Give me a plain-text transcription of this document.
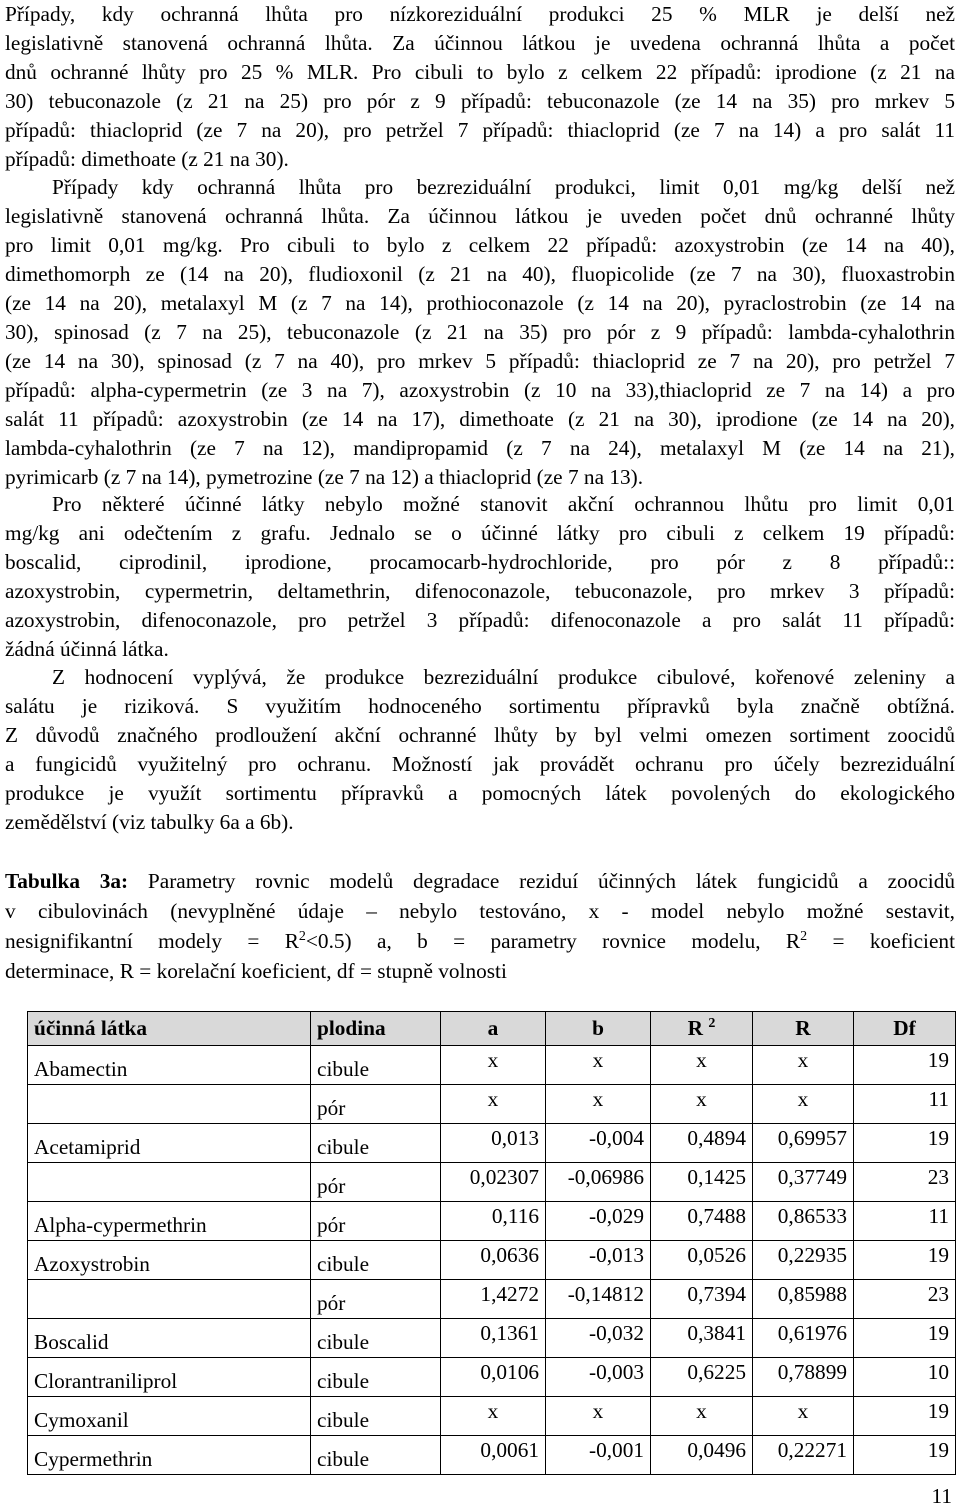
Případy, kdy ochranná lhůta pro nízkoreziduální produkci 25 % MLR je delší než
legislativně stanovená ochranná lhůta. Za účinnou látkou je uvedena ochranná lhůta a počet
dnů ochranné lhůty pro 25 % MLR. Pro cibuli to bylo z celkem 22 případů: iprodione (z 21 na
30) tebuconazole (z 21 na 25) pro pór z 9 případů: tebuconazole (ze 14 na 35) pro mrkev 5
případů: thiacloprid (ze 7 na 20), pro petržel 7 případů: thiacloprid (ze 7 na 14) a pro salát 11
případů: dimethoate (z 21 na 30).
Případy kdy ochranná lhůta pro bezreziduální produkci, limit 0,01 mg/kg delší než
legislativně stanovená ochranná lhůta. Za účinnou látkou je uveden počet dnů ochranné lhůty
pro limit 0,01 mg/kg. Pro cibuli to bylo z celkem 22 případů: azoxystrobin (ze 14 na 40),
dimethomorph ze (14 na 20), fludioxonil (z 21 na 40), fluopicolide (ze 7 na 30), fluoxastrobin
(ze 14 na 20), metalaxyl M (z 7 na 14), prothioconazole (z 14 na 20), pyraclostrobin (ze 14 na
30), spinosad (z 7 na 25), tebuconazole (z 21 na 35) pro pór z 9 případů: lambda-cyhalothrin
(ze 14 na 30), spinosad (z 7 na 40), pro mrkev 5 případů: thiacloprid ze 7 na 20), pro petržel 7
případů: alpha-cypermetrin (ze 3 na 7), azoxystrobin (z 10 na 33),thiacloprid ze 7 na 14) a pro
salát 11 případů: azoxystrobin (ze 14 na 17), dimethoate (z 21 na 30), iprodione (ze 14 na 20),
lambda-cyhalothrin (ze 7 na 12), mandipropamid (z 7 na 24), metalaxyl M (ze 14 na 21),
pyrimicarb (z 7 na 14), pymetrozine (ze 7 na 12) a thiacloprid (ze 7 na 13).
Pro některé účinné látky nebylo možné stanovit akční ochrannou lhůtu pro limit 0,01
mg/kg ani odečtením z grafu. Jednalo se o účinné látky pro cibuli z celkem 19 případů:
boscalid, ciprodinil, iprodione, procamocarb-hydrochloride, pro pór z 8 případů::
azoxystrobin, cypermetrin, deltamethrin, difenoconazole, tebuconazole, pro mrkev 3 případů:
azoxystrobin, difenoconazole, pro petržel 3 případů: difenoconazole a pro salát 11 případů:
žádná účinná látka.
Z hodnocení vyplývá, že produkce bezreziduální produkce cibulové, kořenové zeleniny a
salátu je riziková. S využitím hodnoceného sortimentu přípravků byla značně obtížná.
Z důvodů značného prodloužení akční ochranné lhůty by byl velmi omezen sortiment zoocidů
a fungicidů využitelný pro ochranu. Možností jak provádět ochranu pro účely bezreziduální
produkce je využít sortimentu přípravků a pomocných látek povolených do ekologického
zemědělství (viz tabulky 6a a 6b).
Tabulka 3a: Parametry rovnic modelů degradace reziduí účinných látek fungicidů a zoocidů
v cibulovinách (nevyplněné údaje – nebylo testováno, x - model nebylo možné sestavit,
nesignifikantní modely = $R^2<0.5$) a, b = parametry rovnice modelu, $R^2$ = koeficient
determinace, R = korelační koeficient, df = stupně volnosti
účinná látka	plodina	a	b	R $^2$	R	Df
Abamectin	cibule	x	x	x	x	19
	pór	x	x	x	x	11
Acetamiprid	cibule	0,013	-0,004	0,4894	0,69957	19
	pór	0,02307	-0,06986	0,1425	0,37749	23
Alpha-cypermethrin	pór	0,116	-0,029	0,7488	0,86533	11
Azoxystrobin	cibule	0,0636	-0,013	0,0526	0,22935	19
	pór	1,4272	-0,14812	0,7394	0,85988	23
Boscalid	cibule	0,1361	-0,032	0,3841	0,61976	19
Clorantraniliprol	cibule	0,0106	-0,003	0,6225	0,78899	10
Cymoxanil	cibule	x	x	x	x	19
Cypermethrin	cibule	0,0061	-0,001	0,0496	0,22271	19
11
